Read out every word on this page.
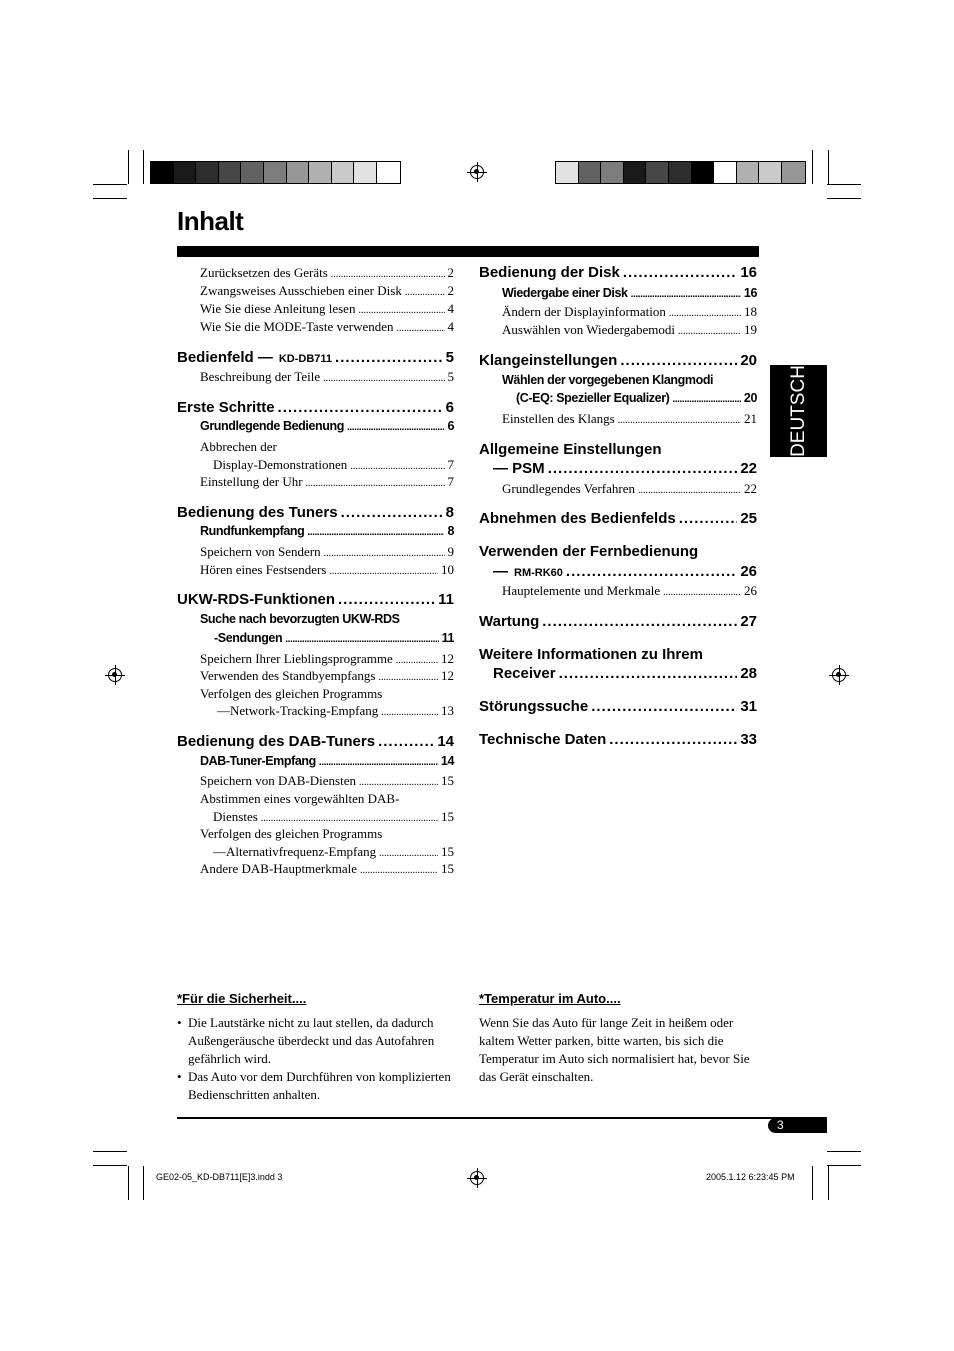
Inhalt
Zurücksetzen des Geräts .....	2
Zwangsweises Ausschieben einer Disk .....	2
Wie Sie diese Anleitung lesen .....	4
Wie Sie die MODE-Taste verwenden .....	4
Bedienfeld — KD-DB711 .....	5
Beschreibung der Teile .....	5
Erste Schritte .....	6
Grundlegende Bedienung .....	6
Abbrechen der
Display-Demonstrationen .....	7
Einstellung der Uhr .....	7
Bedienung des Tuners .....	8
Rundfunkempfang .....	8
Speichern von Sendern .....	9
Hören eines Festsenders .....	10
UKW-RDS-Funktionen .....	11
Suche nach bevorzugten UKW-RDS
-Sendungen .....	11
Speichern Ihrer Lieblingsprogramme .....	12
Verwenden des Standbyempfangs .....	12
Verfolgen des gleichen Programms
—Network-Tracking-Empfang .....	13
Bedienung des DAB-Tuners .....	14
DAB-Tuner-Empfang .....	14
Speichern von DAB-Diensten .....	15
Abstimmen eines vorgewählten DAB-
Dienstes .....	15
Verfolgen des gleichen Programms
—Alternativfrequenz-Empfang .....	15
Andere DAB-Hauptmerkmale .....	15
Bedienung der Disk .....	16
Wiedergabe einer Disk .....	16
Ändern der Displayinformation .....	18
Auswählen von Wiedergabemodi .....	19
Klangeinstellungen .....	20
Wählen der vorgegebenen Klangmodi
(C-EQ: Spezieller Equalizer) .....	20
Einstellen des Klangs .....	21
Allgemeine Einstellungen
— PSM .....	22
Grundlegendes Verfahren .....	22
Abnehmen des Bedienfelds .....	25
Verwenden der Fernbedienung
— RM-RK60 .....	26
Hauptelemente und Merkmale .....	26
Wartung .....	27
Weitere Informationen zu Ihrem
Receiver .....	28
Störungssuche .....	31
Technische Daten .....	33
DEUTSCH
*Für die Sicherheit....
• Die Lautstärke nicht zu laut stellen, da dadurch Außengeräusche überdeckt und das Autofahren gefährlich wird.
• Das Auto vor dem Durchführen von komplizierten Bedienschritten anhalten.
*Temperatur im Auto....
Wenn Sie das Auto für lange Zeit in heißem oder kaltem Wetter parken, bitte warten, bis sich die Temperatur im Auto sich normalisiert hat, bevor Sie das Gerät einschalten.
3
GE02-05_KD-DB711[E]3.indd 3	2005.1.12 6:23:45 PM
